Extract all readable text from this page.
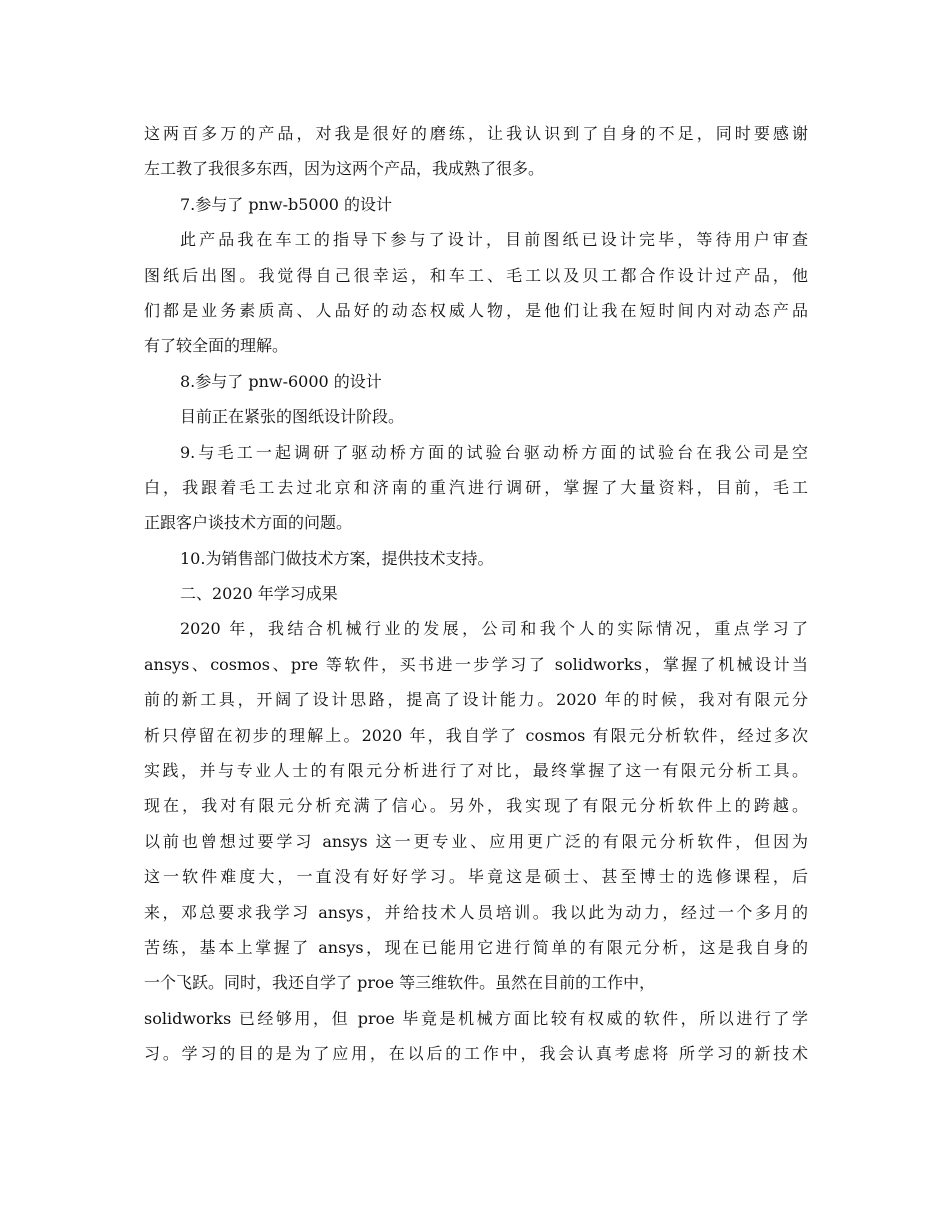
这两百多万的产品，对我是很好的磨练，让我认识到了自身的不足，同时要感谢
左工教了我很多东西，因为这两个产品，我成熟了很多。
7.参与了 pnw-b5000 的设计
此产品我在车工的指导下参与了设计，目前图纸已设计完毕，等待用户审查
图纸后出图。我觉得自己很幸运，和车工、毛工以及贝工都合作设计过产品，他
们都是业务素质高、人品好的动态权威人物，是他们让我在短时间内对动态产品
有了较全面的理解。
8.参与了 pnw-6000 的设计
目前正在紧张的图纸设计阶段。
9.与毛工一起调研了驱动桥方面的试验台驱动桥方面的试验台在我公司是空
白，我跟着毛工去过北京和济南的重汽进行调研，掌握了大量资料，目前，毛工
正跟客户谈技术方面的问题。
10.为销售部门做技术方案，提供技术支持。
二、2020 年学习成果
2020 年，我结合机械行业的发展，公司和我个人的实际情况，重点学习了
ansys、cosmos、pre 等软件，买书进一步学习了 solidworks，掌握了机械设计当
前的新工具，开阔了设计思路，提高了设计能力。2020 年的时候，我对有限元分
析只停留在初步的理解上。2020 年，我自学了 cosmos 有限元分析软件，经过多次
实践，并与专业人士的有限元分析进行了对比，最终掌握了这一有限元分析工具。
现在，我对有限元分析充满了信心。另外，我实现了有限元分析软件上的跨越。
以前也曾想过要学习 ansys 这一更专业、应用更广泛的有限元分析软件，但因为
这一软件难度大，一直没有好好学习。毕竟这是硕士、甚至博士的选修课程，后
来，邓总要求我学习 ansys，并给技术人员培训。我以此为动力，经过一个多月的
苦练，基本上掌握了 ansys，现在已能用它进行简单的有限元分析，这是我自身的
一个飞跃。同时，我还自学了 proe 等三维软件。虽然在目前的工作中，
solidworks 已经够用，但 proe 毕竟是机械方面比较有权威的软件，所以进行了学
习。学习的目的是为了应用，在以后的工作中，我会认真考虑将 所学习的新技术
